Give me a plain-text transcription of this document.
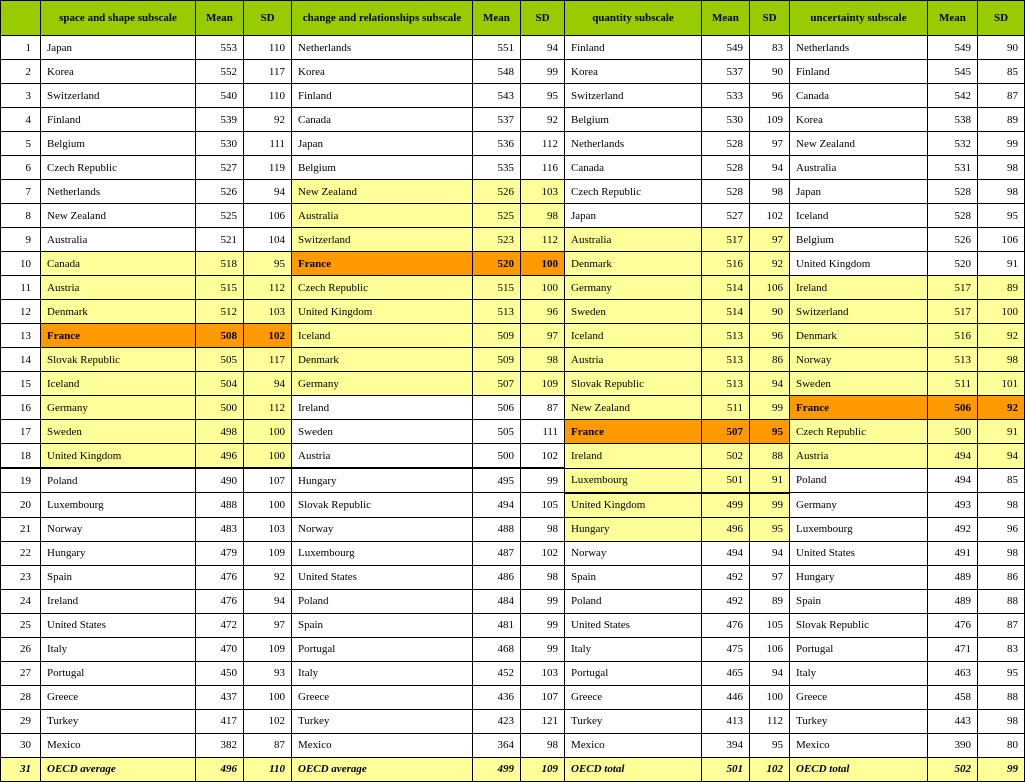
	space and shape subscale	Mean	SD	change and relationships subscale	Mean	SD	quantity subscale	Mean	SD	uncertainty subscale	Mean	SD
1	Japan	553	110	Netherlands	551	94	Finland	549	83	Netherlands	549	90
2	Korea	552	117	Korea	548	99	Korea	537	90	Finland	545	85
3	Switzerland	540	110	Finland	543	95	Switzerland	533	96	Canada	542	87
4	Finland	539	92	Canada	537	92	Belgium	530	109	Korea	538	89
5	Belgium	530	111	Japan	536	112	Netherlands	528	97	New Zealand	532	99
6	Czech Republic	527	119	Belgium	535	116	Canada	528	94	Australia	531	98
7	Netherlands	526	94	New Zealand	526	103	Czech Republic	528	98	Japan	528	98
8	New Zealand	525	106	Australia	525	98	Japan	527	102	Iceland	528	95
9	Australia	521	104	Switzerland	523	112	Australia	517	97	Belgium	526	106
10	Canada	518	95	France	520	100	Denmark	516	92	United Kingdom	520	91
11	Austria	515	112	Czech Republic	515	100	Germany	514	106	Ireland	517	89
12	Denmark	512	103	United Kingdom	513	96	Sweden	514	90	Switzerland	517	100
13	France	508	102	Iceland	509	97	Iceland	513	96	Denmark	516	92
14	Slovak Republic	505	117	Denmark	509	98	Austria	513	86	Norway	513	98
15	Iceland	504	94	Germany	507	109	Slovak Republic	513	94	Sweden	511	101
16	Germany	500	112	Ireland	506	87	New Zealand	511	99	France	506	92
17	Sweden	498	100	Sweden	505	111	France	507	95	Czech Republic	500	91
18	United Kingdom	496	100	Austria	500	102	Ireland	502	88	Austria	494	94
19	Poland	490	107	Hungary	495	99	Luxembourg	501	91	Poland	494	85
20	Luxembourg	488	100	Slovak Republic	494	105	United Kingdom	499	99	Germany	493	98
21	Norway	483	103	Norway	488	98	Hungary	496	95	Luxembourg	492	96
22	Hungary	479	109	Luxembourg	487	102	Norway	494	94	United States	491	98
23	Spain	476	92	United States	486	98	Spain	492	97	Hungary	489	86
24	Ireland	476	94	Poland	484	99	Poland	492	89	Spain	489	88
25	United States	472	97	Spain	481	99	United States	476	105	Slovak Republic	476	87
26	Italy	470	109	Portugal	468	99	Italy	475	106	Portugal	471	83
27	Portugal	450	93	Italy	452	103	Portugal	465	94	Italy	463	95
28	Greece	437	100	Greece	436	107	Greece	446	100	Greece	458	88
29	Turkey	417	102	Turkey	423	121	Turkey	413	112	Turkey	443	98
30	Mexico	382	87	Mexico	364	98	Mexico	394	95	Mexico	390	80
31	OECD average	496	110	OECD average	499	109	OECD total	501	102	OECD total	502	99
